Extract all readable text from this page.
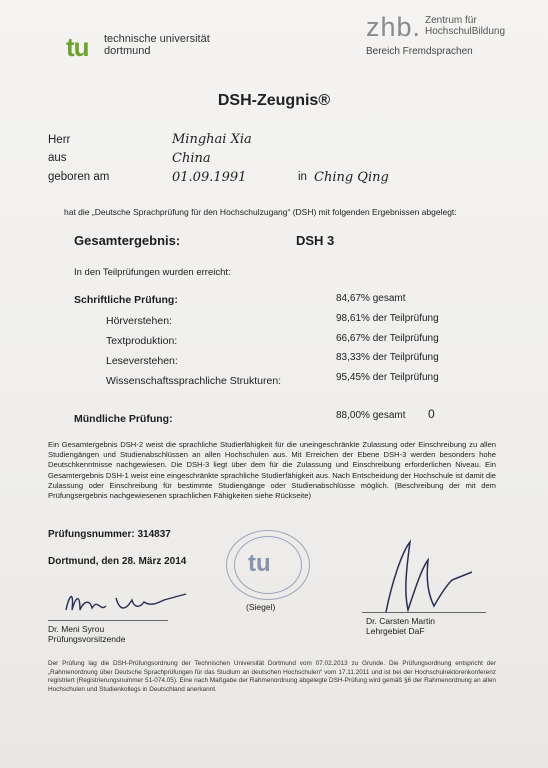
tu technische universität
dortmund
zhb. Zentrum für
HochschulBildung
Bereich Fremdsprachen
DSH-Zeugnis®
Herr	Minghai Xia
aus	China
geboren am	01.09.1991	in Ching Qing
hat die „Deutsche Sprachprüfung für den Hochschulzugang“ (DSH) mit folgenden Ergebnissen abgelegt:
Gesamtergebnis:	DSH 3
In den Teilprüfungen wurden erreicht:
Schriftliche Prüfung:	84,67% gesamt
Hörverstehen:	98,61% der Teilprüfung
Textproduktion:	66,67% der Teilprüfung
Leseverstehen:	83,33% der Teilprüfung
Wissenschaftssprachliche Strukturen:	95,45% der Teilprüfung
Mündliche Prüfung:	88,00% gesamt 0
Ein Gesamtergebnis DSH-2 weist die sprachliche Studierfähigkeit für die uneingeschränkte Zulassung oder Einschreibung zu allen Studiengängen und Studienabschlüssen an allen Hochschulen aus. Mit Erreichen der Ebene DSH-3 werden besonders hohe Deutschkenntnisse nachgewiesen. Die DSH-3 liegt über dem für die Zulassung und Einschreibung erforderlichen Niveau. Ein Gesamtergebnis DSH-1 weist eine eingeschränkte sprachliche Studierfähigkeit aus. Nach Entscheidung der Hochschule ist damit die Zulassung oder Einschreibung für bestimmte Studiengänge oder Studienabschlüsse möglich. (Beschreibung der mit dem Prüfungsergebnis nachgewiesenen sprachlichen Fähigkeiten siehe Rückseite)
Prüfungsnummer: 314837
Dortmund, den 28. März 2014	tu
(Siegel)
Dr. Meni Syrou
Prüfungsvorsitzende
Dr. Carsten Martin
Lehrgebiet DaF
Der Prüfung lag die DSH-Prüfungsordnung der Technischen Universität Dortmund vom 07.02.2013 zu Grunde. Die Prüfungsordnung entspricht der „Rahmenordnung über Deutsche Sprachprüfungen für das Studium an deutschen Hochschulen“ vom 17.11.2011 und ist bei der Hochschulrektorenkonferenz registriert (Registrierungsnummer 51-074.05). Eine nach Maßgabe der Rahmenordnung abgelegte DSH-Prüfung wird gemäß §6 der Rahmenordnung an allen Hochschulen und Studienkollegs in Deutschland anerkannt.
